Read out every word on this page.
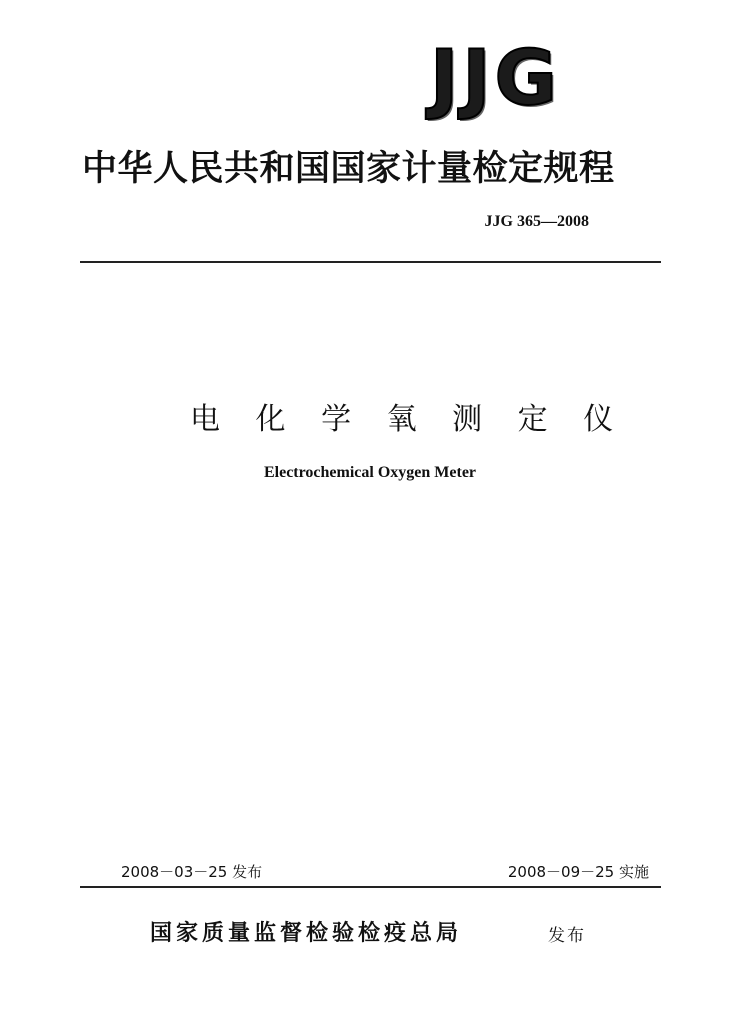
JJG
中华人民共和国国家计量检定规程
JJG 365—2008
电 化 学 氧 测 定 仪
Electrochemical Oxygen Meter
2008－03－25 发布	2008－09－25 实施
国家质量监督检验检疫总局	发布
